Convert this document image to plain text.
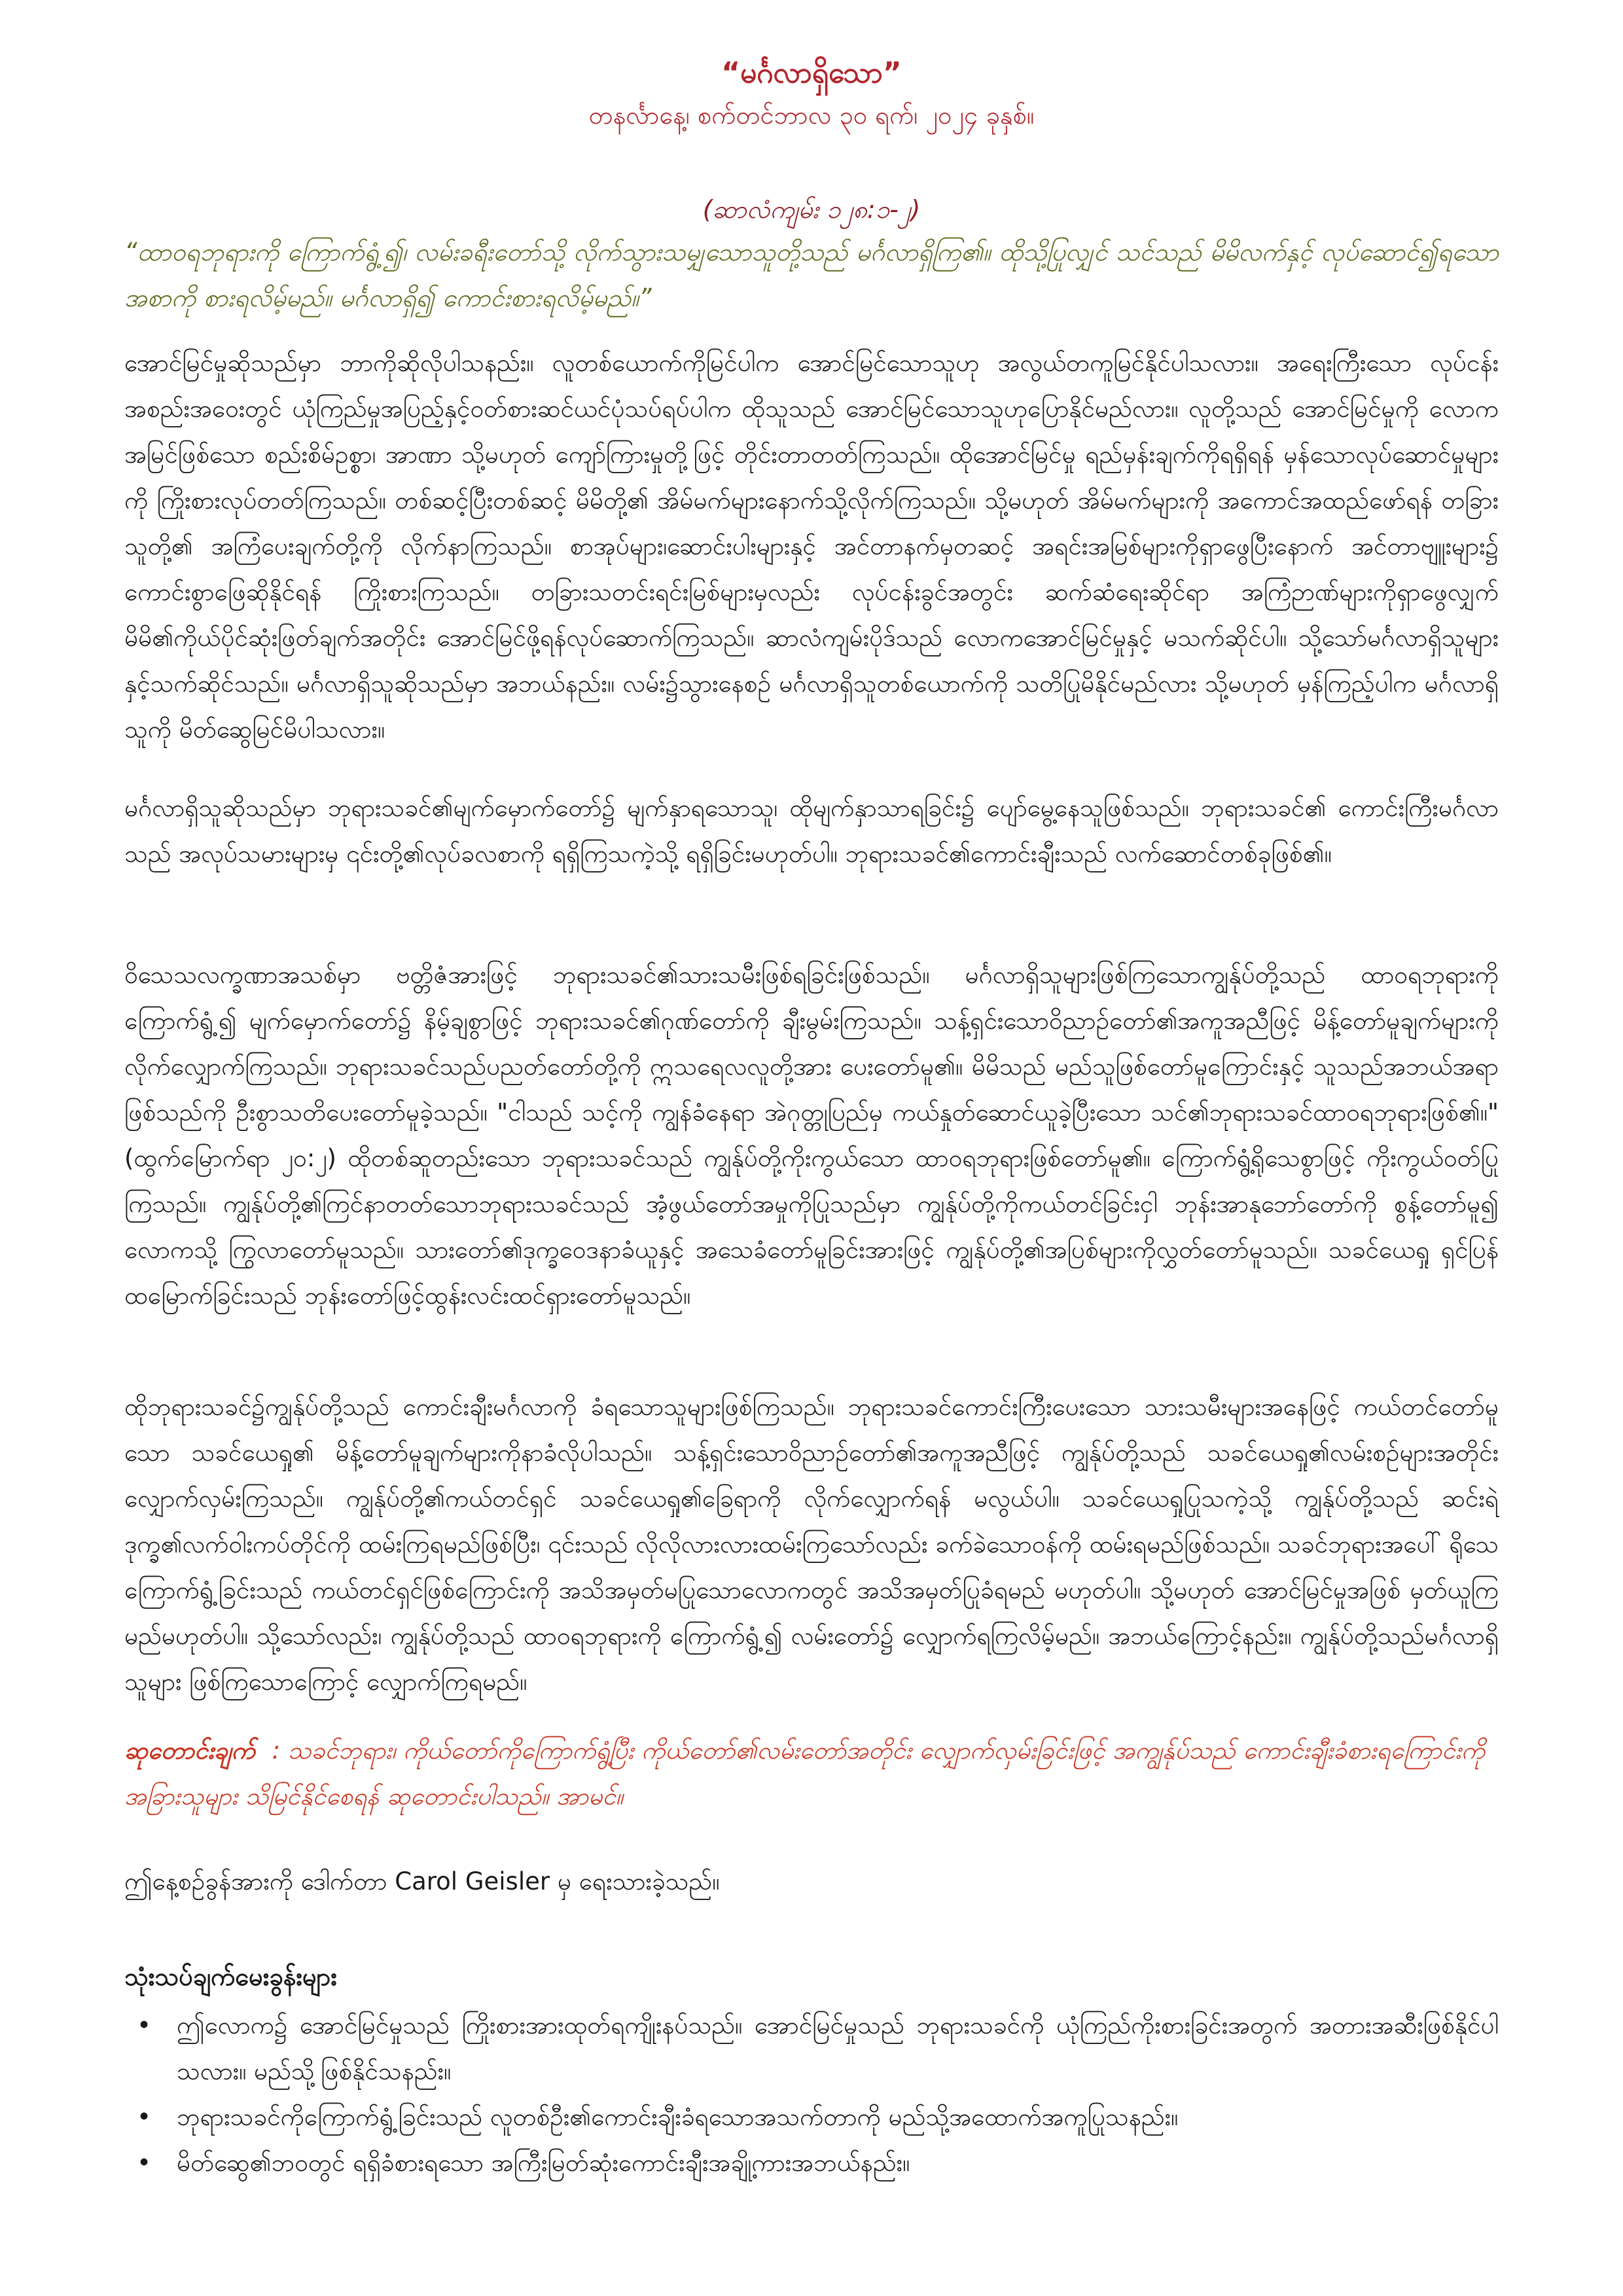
“မင်္ဂလာရှိသော”
တနင်္လာနေ့၊ စက်တင်ဘာလ ၃၀ ရက်၊ ၂၀၂၄ ခုနှစ်။
(ဆာလံကျမ်း ၁၂၈:၁-၂)
“ထာဝရဘုရားကို ကြောက်ရွံ့၍၊ လမ်းခရီးတော်သို့ လိုက်သွားသမျှသောသူတို့သည် မင်္ဂလာရှိကြ၏။ ထိုသို့ပြုလျှင် သင်သည် မိမိလက်နှင့် လုပ်ဆောင်၍ရသောအစာကို စားရလိမ့်မည်။ မင်္ဂလာရှိ၍ ကောင်းစားရလိမ့်မည်။”
အောင်မြင်မှုဆိုသည်မှာ ဘာကိုဆိုလိုပါသနည်း။ လူတစ်ယောက်ကိုမြင်ပါက အောင်မြင်သောသူဟု အလွယ်တကူမြင်နိုင်ပါသလား။ အရေးကြီးသော လုပ်ငန်းအစည်းအဝေးတွင် ယုံကြည်မှုအပြည့်နှင့်ဝတ်စားဆင်ယင်ပုံသပ်ရပ်ပါက ထိုသူသည် အောင်မြင်သောသူဟုပြောနိုင်မည်လား။ လူတို့သည် အောင်မြင်မှုကို လောကအမြင်ဖြစ်သော စည်းစိမ်ဥစ္စာ၊ အာဏာ သို့မဟုတ် ကျော်ကြားမှုတို့ဖြင့် တိုင်းတာတတ်ကြသည်။ ထိုအောင်မြင်မှု ရည်မှန်းချက်ကိုရရှိရန် မှန်သောလုပ်ဆောင်မှုများကို ကြိုးစားလုပ်တတ်ကြသည်။ တစ်ဆင့်ပြီးတစ်ဆင့် မိမိတို့၏ အိမ်မက်များနောက်သို့လိုက်ကြသည်။ သို့မဟုတ် အိမ်မက်များကို အကောင်အထည်ဖော်ရန် တခြားသူတို့၏ အကြံပေးချက်တို့ကို လိုက်နာကြသည်။ စာအုပ်များ၊ဆောင်းပါးများနှင့် အင်တာနက်မှတဆင့် အရင်းအမြစ်များကိုရှာဖွေပြီးနောက် အင်တာဗျူးများ၌ ကောင်းစွာဖြေဆိုနိုင်ရန် ကြိုးစားကြသည်။ တခြားသတင်းရင်းမြစ်များမှလည်း လုပ်ငန်းခွင်အတွင်း ဆက်ဆံရေးဆိုင်ရာ အကြံဉာဏ်များကိုရှာဖွေလျှက် မိမိ၏ကိုယ်ပိုင်ဆုံးဖြတ်ချက်အတိုင်း အောင်မြင်ဖို့ရန်လုပ်ဆောက်ကြသည်။ ဆာလံကျမ်းပိုဒ်သည် လောကအောင်မြင်မှုနှင့် မသက်ဆိုင်ပါ။ သို့သော်မင်္ဂလာရှိသူများနှင့်သက်ဆိုင်သည်။ မင်္ဂလာရှိသူဆိုသည်မှာ အဘယ်နည်း။ လမ်း၌သွားနေစဉ် မင်္ဂလာရှိသူတစ်ယောက်ကို သတိပြုမိနိုင်မည်လား သို့မဟုတ် မှန်ကြည့်ပါက မင်္ဂလာရှိသူကို မိတ်ဆွေမြင်မိပါသလား။
မင်္ဂလာရှိသူဆိုသည်မှာ ဘုရားသခင်၏မျက်မှောက်တော်၌ မျက်နှာရသောသူ၊ ထိုမျက်နှာသာရခြင်း၌ ပျော်မွေ့နေသူဖြစ်သည်။ ဘုရားသခင်၏ ကောင်းကြီးမင်္ဂလာသည် အလုပ်သမားများမှ ၎င်းတို့၏လုပ်ခလစာကို ရရှိကြသကဲ့သို့ ရရှိခြင်းမဟုတ်ပါ။ ဘုရားသခင်၏ကောင်းချီးသည် လက်ဆောင်တစ်ခုဖြစ်၏။
ဝိသေသလက္ခဏာအသစ်မှာ ဗတ္တိဇံအားဖြင့် ဘုရားသခင်၏သားသမီးဖြစ်ရခြင်းဖြစ်သည်။ မင်္ဂလာရှိသူများဖြစ်ကြသောကျွန်ုပ်တို့သည် ထာဝရဘုရားကို ကြောက်ရွံ့၍ မျက်မှောက်တော်၌ နိမ့်ချစွာဖြင့် ဘုရားသခင်၏ဂုဏ်တော်ကို ချီးမွမ်းကြသည်။ သန့်ရှင်းသောဝိညာဉ်တော်၏အကူအညီဖြင့် မိန့်တော်မူချက်များကို လိုက်လျှောက်ကြသည်။ ဘုရားသခင်သည်ပညတ်တော်တို့ကို ဣသရေလလူတို့အား ပေးတော်မူ၏။ မိမိသည် မည်သူဖြစ်တော်မူကြောင်းနှင့် သူသည်အဘယ်အရာဖြစ်သည်ကို ဦးစွာသတိပေးတော်မူခဲ့သည်။ "ငါသည် သင့်ကို ကျွန်ခံနေရာ အဲဂုတ္တုပြည်မှ ကယ်နှုတ်ဆောင်ယူခဲ့ပြီးသော သင်၏ဘုရားသခင်ထာဝရဘုရားဖြစ်၏။" (ထွက်မြောက်ရာ ၂၀:၂) ထိုတစ်ဆူတည်းသော ဘုရားသခင်သည် ကျွန်ုပ်တို့ကိုးကွယ်သော ထာဝရဘုရားဖြစ်တော်မူ၏။ ကြောက်ရွံ့ရိုသေစွာဖြင့် ကိုးကွယ်ဝတ်ပြုကြသည်။ ကျွန်ုပ်တို့၏ကြင်နာတတ်သောဘုရားသခင်သည် အံ့ဖွယ်တော်အမှုကိုပြုသည်မှာ ကျွန်ုပ်တို့ကိုကယ်တင်ခြင်းငှါ ဘုန်းအာနုဘော်တော်ကို စွန့်တော်မူ၍ လောကသို့ ကြွလာတော်မူသည်။ သားတော်၏ဒုက္ခဝေဒနာခံယူနှင့် အသေခံတော်မူခြင်းအားဖြင့် ကျွန်ုပ်တို့၏အပြစ်များကိုလွှတ်တော်မူသည်။ သခင်ယေရှု ရှင်ပြန်ထမြောက်ခြင်းသည် ဘုန်းတော်ဖြင့်ထွန်းလင်းထင်ရှားတော်မူသည်။
ထိုဘုရားသခင်၌ကျွန်ုပ်တို့သည် ကောင်းချီးမင်္ဂလာကို ခံရသောသူများဖြစ်ကြသည်။ ဘုရားသခင်ကောင်းကြီးပေးသော သားသမီးများအနေဖြင့် ကယ်တင်တော်မူသော သခင်ယေရှု၏ မိန့်တော်မူချက်များကိုနာခံလိုပါသည်။ သန့်ရှင်းသောဝိညာဉ်တော်၏အကူအညီဖြင့် ကျွန်ုပ်တို့သည် သခင်ယေရှု၏လမ်းစဉ်များအတိုင်း လျှောက်လှမ်းကြသည်။ ကျွန်ုပ်တို့၏ကယ်တင်ရှင် သခင်ယေရှု၏ခြေရာကို လိုက်လျှောက်ရန် မလွယ်ပါ။ သခင်ယေရှုပြုသကဲ့သို့ ကျွန်ုပ်တို့သည် ဆင်းရဲဒုက္ခ၏လက်ဝါးကပ်တိုင်ကို ထမ်းကြရမည်ဖြစ်ပြီး၊ ၎င်းသည် လိုလိုလားလားထမ်းကြသော်လည်း ခက်ခဲသောဝန်ကို ထမ်းရမည်ဖြစ်သည်။ သခင်ဘုရားအပေါ် ရိုသေကြောက်ရွံ့ခြင်းသည် ကယ်တင်ရှင်ဖြစ်ကြောင်းကို အသိအမှတ်မပြုသောလောကတွင် အသိအမှတ်ပြုခံရမည် မဟုတ်ပါ။ သို့မဟုတ် အောင်မြင်မှုအဖြစ် မှတ်ယူကြမည်မဟုတ်ပါ။ သို့သော်လည်း၊ ကျွန်ုပ်တို့သည် ထာဝရဘုရားကို ကြောက်ရွံ့၍ လမ်းတော်၌ လျှောက်ရကြလိမ့်မည်။ အဘယ်ကြောင့်နည်း။ ကျွန်ုပ်တို့သည်မင်္ဂလာရှိသူများ ဖြစ်ကြသောကြောင့် လျှောက်ကြရမည်။
ဆုတောင်းချက် : သခင်ဘုရား၊ ကိုယ်တော်ကိုကြောက်ရွံ့ပြီး ကိုယ်တော်၏လမ်းတော်အတိုင်း လျှောက်လှမ်းခြင်းဖြင့် အကျွန်ုပ်သည် ကောင်းချီးခံစားရကြောင်းကို အခြားသူများ သိမြင်နိုင်စေရန် ဆုတောင်းပါသည်။ အာမင်။
ဤနေ့စဉ်ခွန်အားကို ဒေါက်တာ Carol Geisler မှ ရေးသားခဲ့သည်။
သုံးသပ်ချက်မေးခွန်းများ
•	ဤလောက၌ အောင်မြင်မှုသည် ကြိုးစားအားထုတ်ရကျိုးနပ်သည်။ အောင်မြင်မှုသည် ဘုရားသခင်ကို ယုံကြည်ကိုးစားခြင်းအတွက် အတားအဆီးဖြစ်နိုင်ပါသလား။ မည်သို့ဖြစ်နိုင်သနည်း။
•	ဘုရားသခင်ကိုကြောက်ရွံ့ခြင်းသည် လူတစ်ဦး၏ကောင်းချီးခံရသောအသက်တာကို မည်သို့အထောက်အကူပြုသနည်း။
•	မိတ်ဆွေ၏ဘဝတွင် ရရှိခံစားရသော အကြီးမြတ်ဆုံးကောင်းချီးအချို့ကားအဘယ်နည်း။
